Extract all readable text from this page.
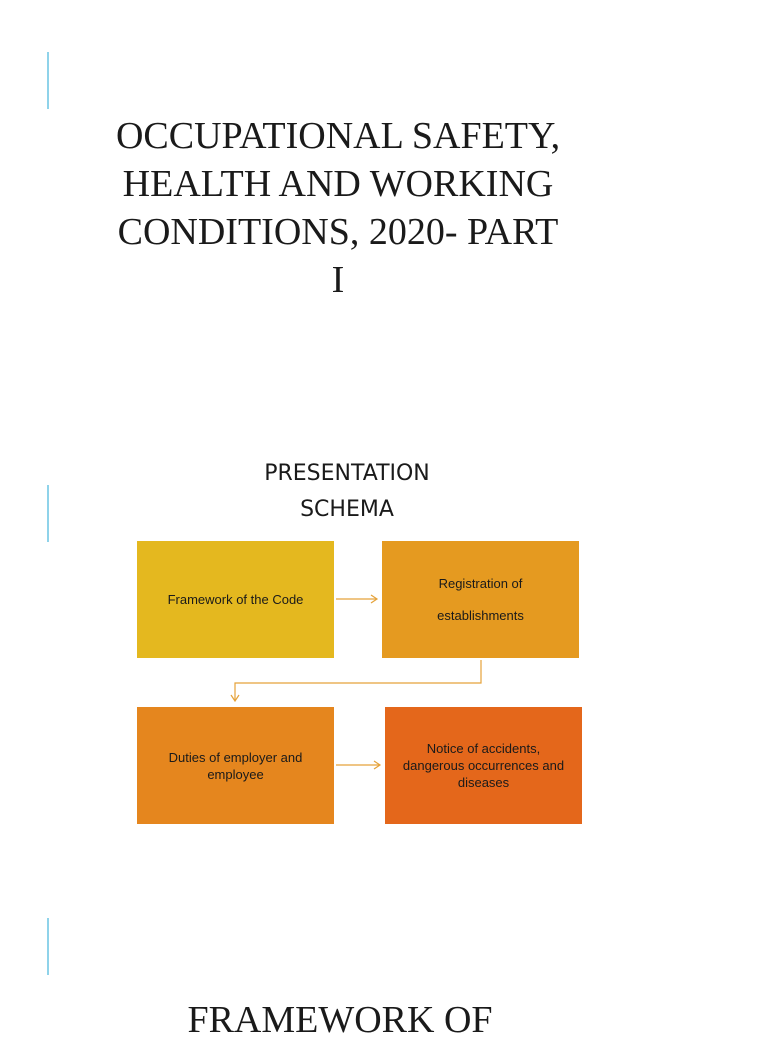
OCCUPATIONAL SAFETY, HEALTH AND WORKING CONDITIONS, 2020- PART I
PRESENTATION SCHEMA
Framework of the Code
Registration of establishments
Duties of employer and employee
Notice of accidents, dangerous occurrences and diseases
FRAMEWORK OF
